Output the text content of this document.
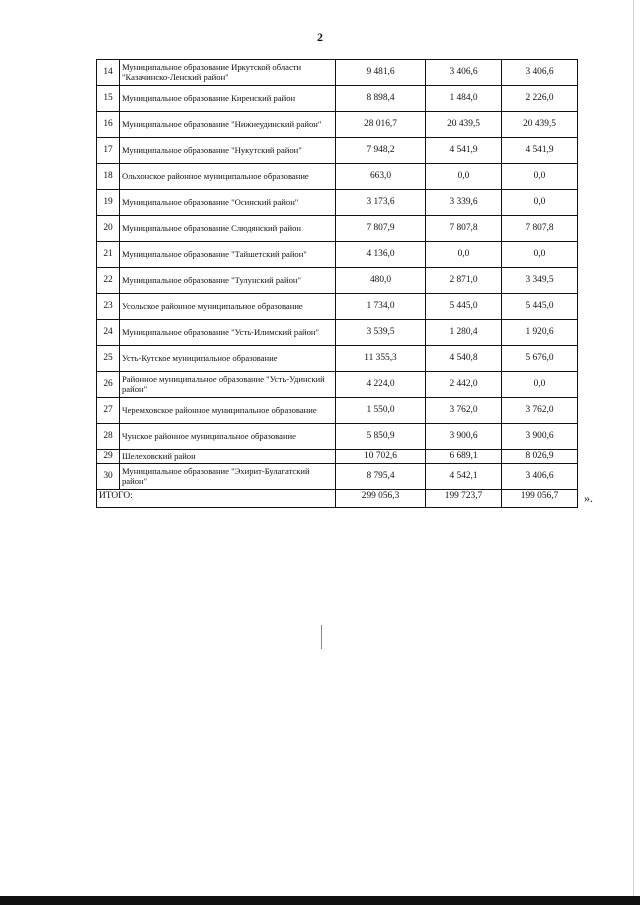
2
14	Муниципальное образование Иркутской области "Казачинско-Ленский район"	9 481,6	3 406,6	3 406,6
15	Муниципальное образование Киренский район	8 898,4	1 484,0	2 226,0
16	Муниципальное образование "Нижнеудинский район"	28 016,7	20 439,5	20 439,5
17	Муниципальное образование "Нукутский район"	7 948,2	4 541,9	4 541,9
18	Ольхонское районное муниципальное образование	663,0	0,0	0,0
19	Муниципальное образование "Осинский район"	3 173,6	3 339,6	0,0
20	Муниципальное образование Слюдянский район	7 807,9	7 807,8	7 807,8
21	Муниципальное образование "Тайшетский район"	4 136,0	0,0	0,0
22	Муниципальное образование "Тулунский район"	480,0	2 871,0	3 349,5
23	Усольское районное муниципальное образование	1 734,0	5 445,0	5 445,0
24	Муниципальное образование "Усть-Илимский район"	3 539,5	1 280,4	1 920,6
25	Усть-Кутское муниципальное образование	11 355,3	4 540,8	5 676,0
26	Районное муниципальное образование "Усть-Удинский район"	4 224,0	2 442,0	0,0
27	Черемховское районное муниципальное образование	1 550,0	3 762,0	3 762,0
28	Чунское районное муниципальное образование	5 850,9	3 900,6	3 900,6
29	Шелеховский район	10 702,6	6 689,1	8 026,9
30	Муниципальное образование "Эхирит-Булагатский район"	8 795,4	4 542,1	3 406,6
ИТОГО:		299 056,3	199 723,7	199 056,7 ».
